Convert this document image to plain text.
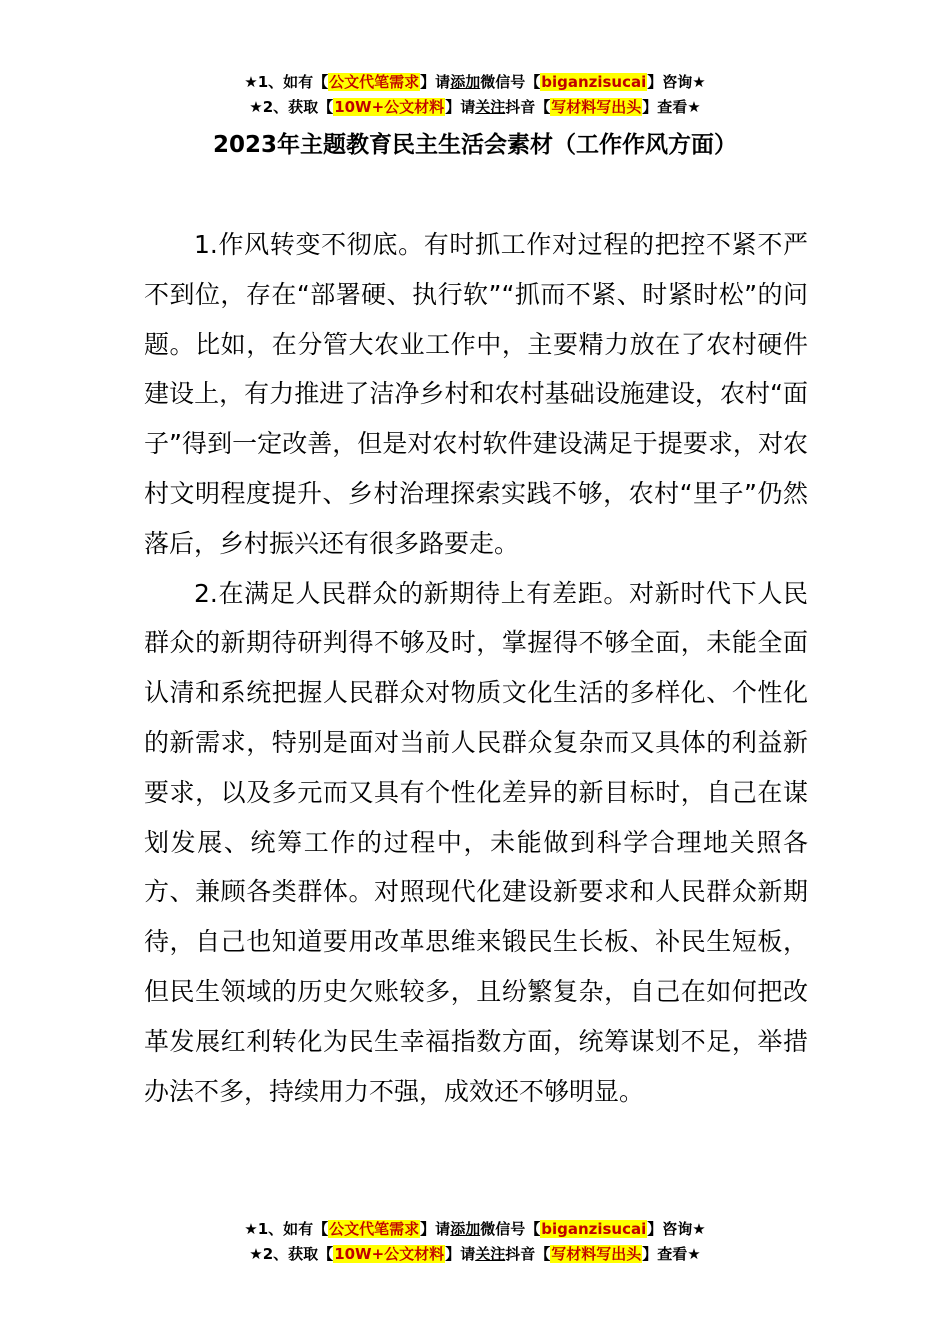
★1、如有【公文代笔需求】请添加微信号【biganzisucai】咨询★
★2、获取【10W+公文材料】请关注抖音【写材料写出头】查看★
2023年主题教育民主生活会素材（工作作风方面）

1.作风转变不彻底。有时抓工作对过程的把控不紧不严不到位，存在“部署硬、执行软”“抓而不紧、时紧时松”的问题。比如，在分管大农业工作中，主要精力放在了农村硬件建设上，有力推进了洁净乡村和农村基础设施建设，农村“面子”得到一定改善，但是对农村软件建设满足于提要求，对农村文明程度提升、乡村治理探索实践不够，农村“里子”仍然落后，乡村振兴还有很多路要走。

2.在满足人民群众的新期待上有差距。对新时代下人民群众的新期待研判得不够及时，掌握得不够全面，未能全面认清和系统把握人民群众对物质文化生活的多样化、个性化的新需求，特别是面对当前人民群众复杂而又具体的利益新要求，以及多元而又具有个性化差异的新目标时，自己在谋划发展、统筹工作的过程中，未能做到科学合理地关照各方、兼顾各类群体。对照现代化建设新要求和人民群众新期待，自己也知道要用改革思维来锻民生长板、补民生短板，但民生领域的历史欠账较多，且纷繁复杂，自己在如何把改革发展红利转化为民生幸福指数方面，统筹谋划不足，举措办法不多，持续用力不强，成效还不够明显。

★1、如有【公文代笔需求】请添加微信号【biganzisucai】咨询★
★2、获取【10W+公文材料】请关注抖音【写材料写出头】查看★
